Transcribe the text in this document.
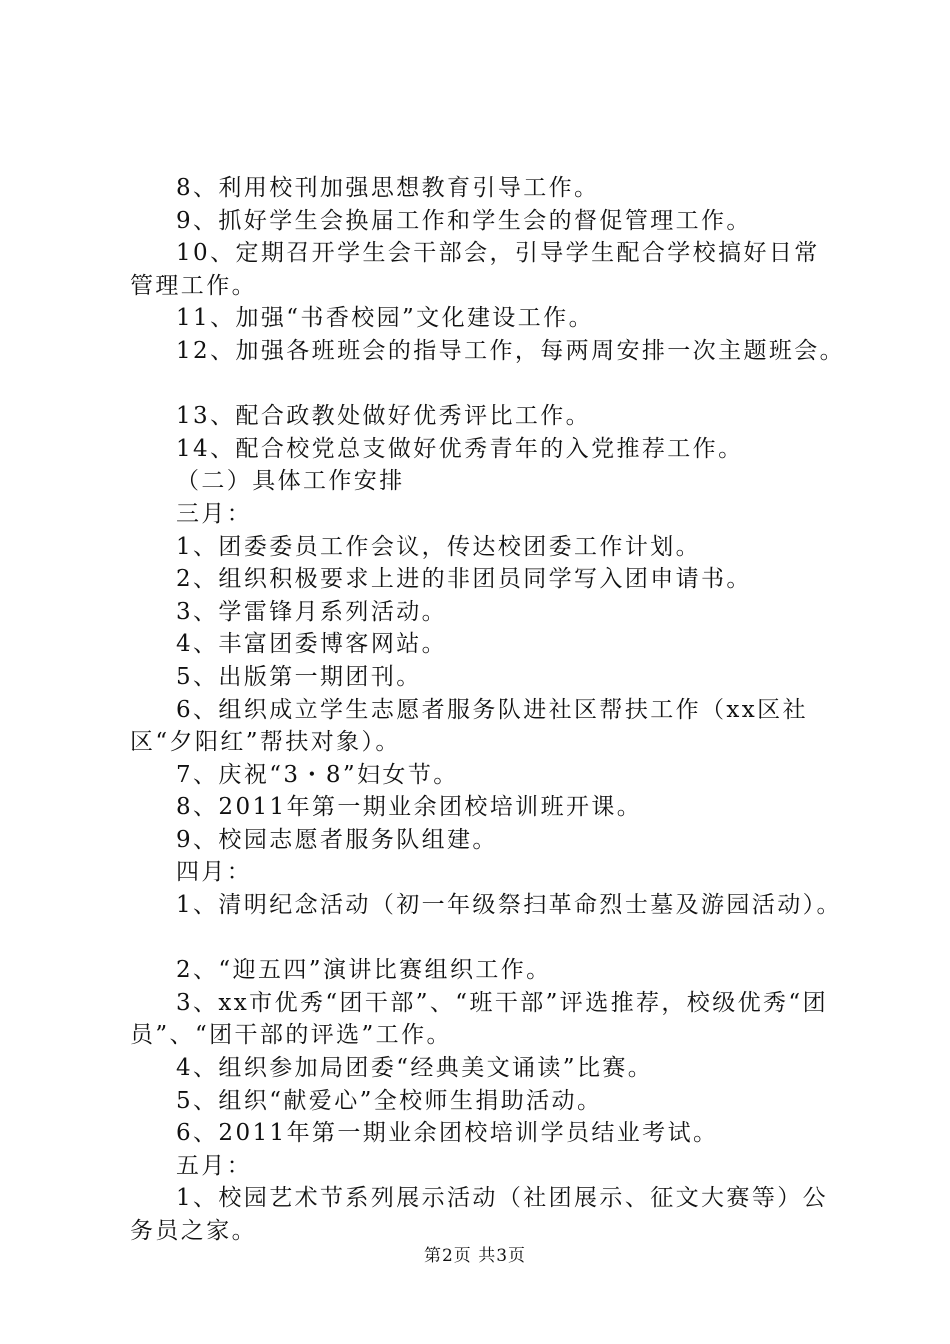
8、利用校刊加强思想教育引导工作。

9、抓好学生会换届工作和学生会的督促管理工作。

10、定期召开学生会干部会，引导学生配合学校搞好日常管理工作。

11、加强“书香校园”文化建设工作。

12、加强各班班会的指导工作，每两周安排一次主题班会。

13、配合政教处做好优秀评比工作。

14、配合校党总支做好优秀青年的入党推荐工作。

（二）具体工作安排

三月：

1、团委委员工作会议，传达校团委工作计划。

2、组织积极要求上进的非团员同学写入团申请书。

3、学雷锋月系列活动。

4、丰富团委博客网站。

5、出版第一期团刊。

6、组织成立学生志愿者服务队进社区帮扶工作（xx区社区“夕阳红”帮扶对象）。

7、庆祝“3・8”妇女节。

8、2011年第一期业余团校培训班开课。

9、校园志愿者服务队组建。

四月：

1、清明纪念活动（初一年级祭扫革命烈士墓及游园活动）。

2、“迎五四”演讲比赛组织工作。

3、xx市优秀“团干部”、“班干部”评选推荐，校级优秀“团员”、“团干部的评选”工作。

4、组织参加局团委“经典美文诵读”比赛。

5、组织“献爱心”全校师生捐助活动。

6、2011年第一期业余团校培训学员结业考试。

五月：

1、校园艺术节系列展示活动（社团展示、征文大赛等）公务员之家。

第2页 共3页
